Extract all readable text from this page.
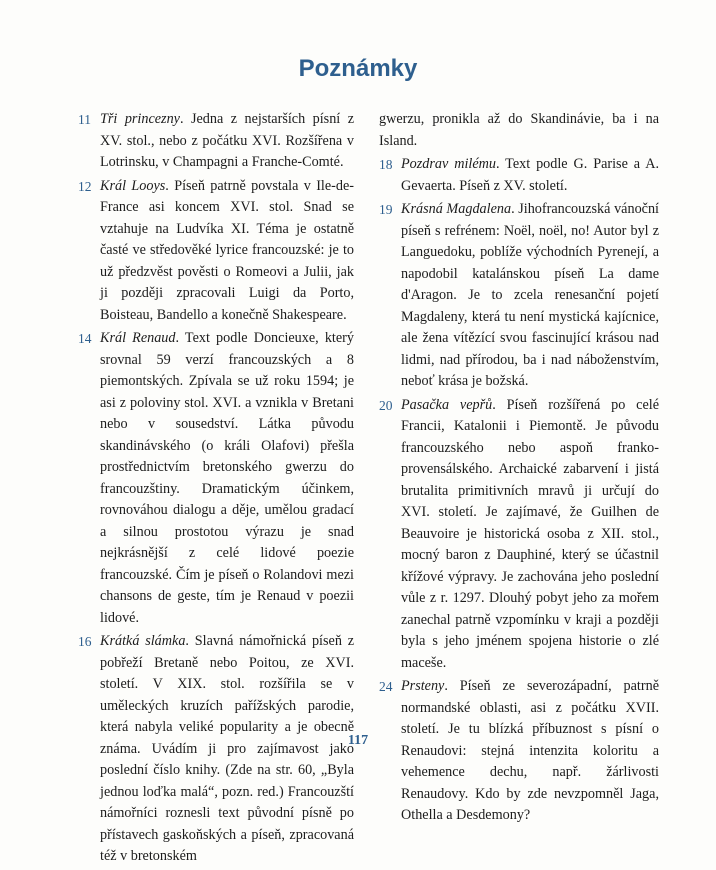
Poznámky

11 Tři princezny. Jedna z nejstarších písní z XV. stol., nebo z počátku XVI. Rozšířena v Lotrinsku, v Champagni a Franche-Comté.

12 Král Looys. Píseň patrně povstala v Ile-de-France asi koncem XVI. stol. Snad se vztahuje na Ludvíka XI. Téma je ostatně časté ve středověké lyrice francouzské: je to už předzvěst pověsti o Romeovi a Julii, jak ji později zpracovali Luigi da Porto, Boisteau, Bandello a konečně Shakespeare.

14 Král Renaud. Text podle Doncieuxe, který srovnal 59 verzí francouzských a 8 piemontských. Zpívala se už roku 1594; je asi z poloviny stol. XVI. a vznikla v Bretani nebo v sousedství. Látka původu skandinávského (o králi Olafovi) přešla prostřednictvím bretonského gwerzu do francouzštiny. Dramatickým účinkem, rovnováhou dialogu a děje, umělou gradací a silnou prostotou výrazu je snad nejkrásnější z celé lidové poezie francouzské. Čím je píseň o Rolandovi mezi chansons de geste, tím je Renaud v poezii lidové.

16 Krátká slámka. Slavná námořnická píseň z pobřeží Bretaně nebo Poitou, ze XVI. století. V XIX. stol. rozšířila se v uměleckých kruzích pařížských parodie, která nabyla veliké popularity a je obecně známa. Uvádím ji pro zajímavost jako poslední číslo knihy. (Zde na str. 60, „Byla jednou loďka malá“, pozn. red.) Francouzští námořníci roznesli text původní písně po přístavech gaskoňských a píseň, zpracovaná též v bretonském

gwerzu, pronikla až do Skandinávie, ba i na Island.

18 Pozdrav milému. Text podle G. Parise a A. Gevaerta. Píseň z XV. století.

19 Krásná Magdalena. Jihofrancouzská vánoční píseň s refrénem: Noël, noël, no! Autor byl z Languedoku, poblíže východních Pyrenejí, a napodobil katalánskou píseň La dame d'Aragon. Je to zcela renesanční pojetí Magdaleny, která tu není mystická kajícnice, ale žena vítězící svou fascinující krásou nad lidmi, nad přírodou, ba i nad náboženstvím, neboť krása je božská.

20 Pasačka vepřů. Píseň rozšířená po celé Francii, Katalonii i Piemontě. Je původu francouzského nebo aspoň franko-provensálského. Archaické zabarvení i jistá brutalita primitivních mravů ji určují do XVI. století. Je zajímavé, že Guilhen de Beauvoire je historická osoba z XII. stol., mocný baron z Dauphiné, který se účastnil křížové výpravy. Je zachována jeho poslední vůle z r. 1297. Dlouhý pobyt jeho za mořem zanechal patrně vzpomínku v kraji a později byla s jeho jménem spojena historie o zlé maceše.

24 Prsteny. Píseň ze severozápadní, patrně normandské oblasti, asi z počátku XVII. století. Je tu blízká příbuznost s písní o Renaudovi: stejná intenzita koloritu a vehemence dechu, např. žárlivosti Renaudovy. Kdo by zde nevzpomněl Jaga, Othella a Desdemony?

117
